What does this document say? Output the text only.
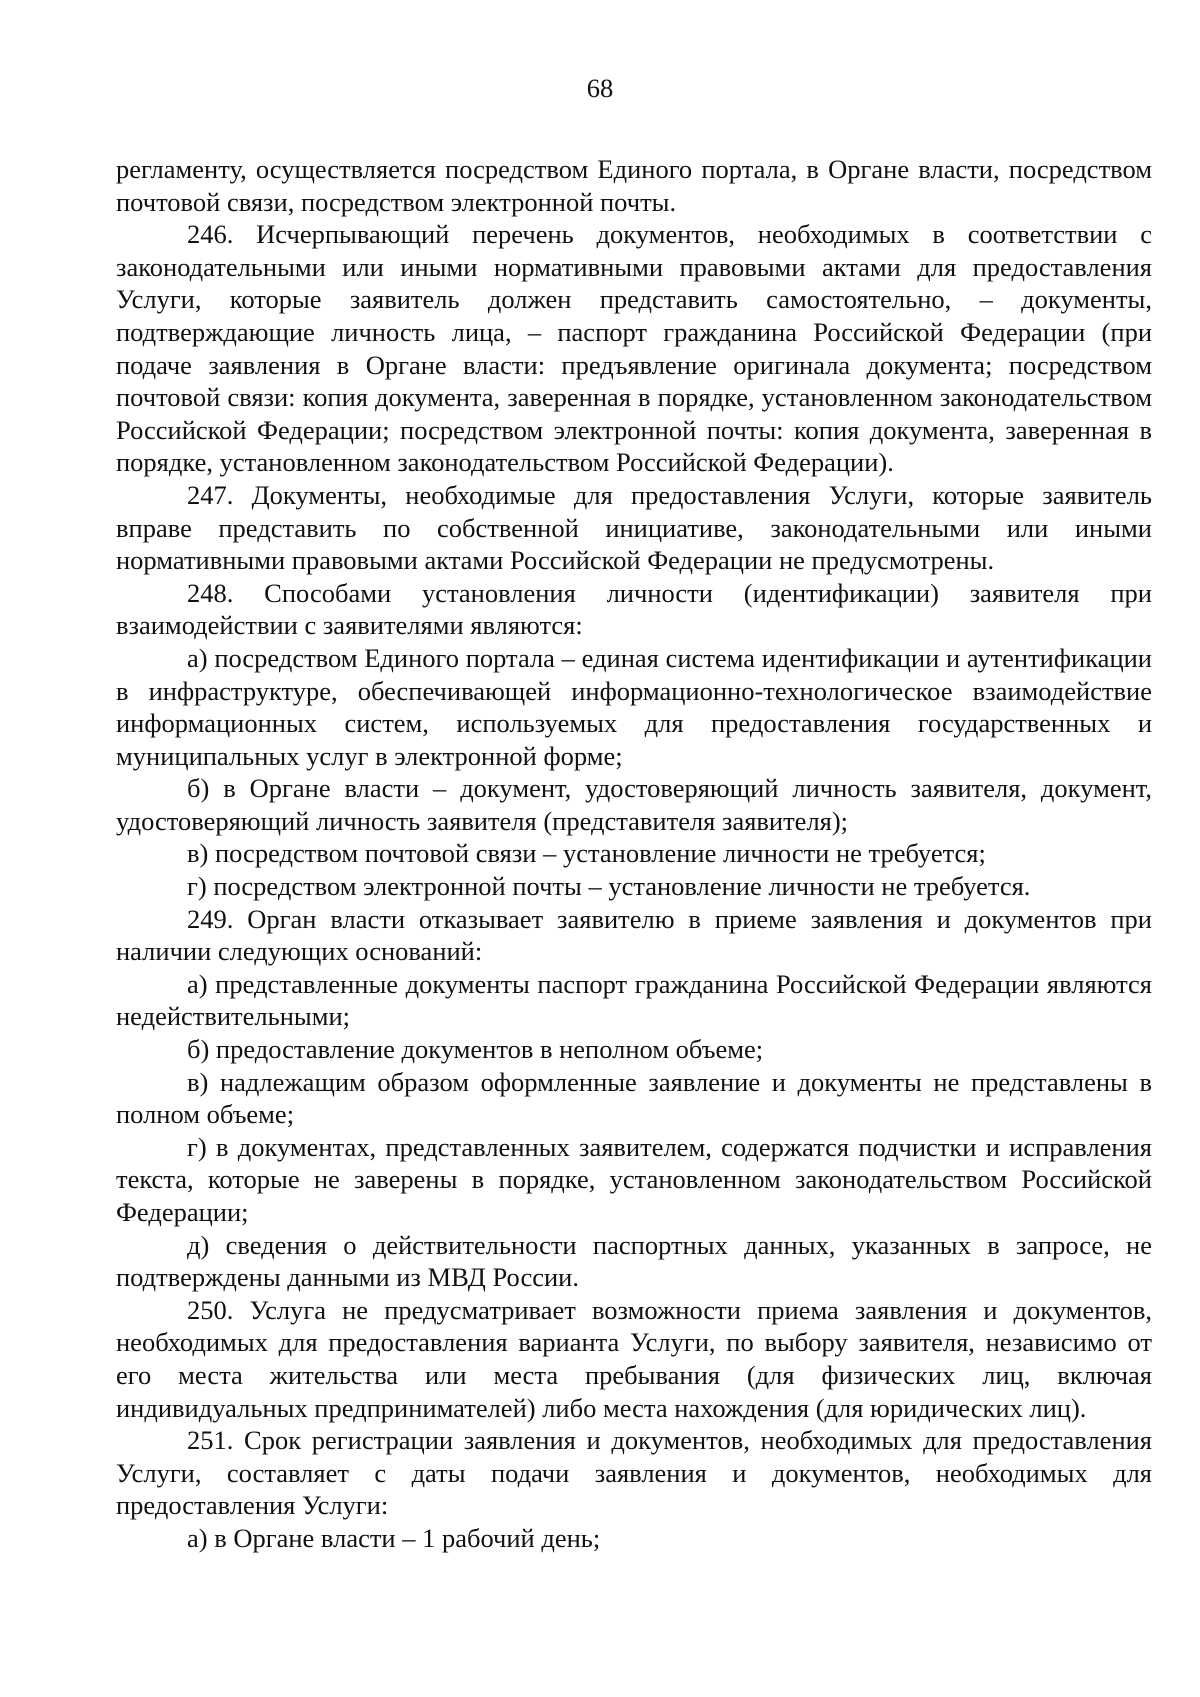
68

регламенту, осуществляется посредством Единого портала, в Органе власти, посредством почтовой связи, посредством электронной почты.

246. Исчерпывающий перечень документов, необходимых в соответствии с законодательными или иными нормативными правовыми актами для предоставления Услуги, которые заявитель должен представить самостоятельно, – документы, подтверждающие личность лица, – паспорт гражданина Российской Федерации (при подаче заявления в Органе власти: предъявление оригинала документа; посредством почтовой связи: копия документа, заверенная в порядке, установленном законодательством Российской Федерации; посредством электронной почты: копия документа, заверенная в порядке, установленном законодательством Российской Федерации).

247. Документы, необходимые для предоставления Услуги, которые заявитель вправе представить по собственной инициативе, законодательными или иными нормативными правовыми актами Российской Федерации не предусмотрены.

248. Способами установления личности (идентификации) заявителя при взаимодействии с заявителями являются:

а) посредством Единого портала – единая система идентификации и аутентификации в инфраструктуре, обеспечивающей информационно-технологическое взаимодействие информационных систем, используемых для предоставления государственных и муниципальных услуг в электронной форме;

б) в Органе власти – документ, удостоверяющий личность заявителя, документ, удостоверяющий личность заявителя (представителя заявителя);

в) посредством почтовой связи – установление личности не требуется;

г) посредством электронной почты – установление личности не требуется.

249. Орган власти отказывает заявителю в приеме заявления и документов при наличии следующих оснований:

а) представленные документы паспорт гражданина Российской Федерации являются недействительными;

б) предоставление документов в неполном объеме;

в) надлежащим образом оформленные заявление и документы не представлены в полном объеме;

г) в документах, представленных заявителем, содержатся подчистки и исправления текста, которые не заверены в порядке, установленном законодательством Российской Федерации;

д) сведения о действительности паспортных данных, указанных в запросе, не подтверждены данными из МВД России.

250. Услуга не предусматривает возможности приема заявления и документов, необходимых для предоставления варианта Услуги, по выбору заявителя, независимо от его места жительства или места пребывания (для физических лиц, включая индивидуальных предпринимателей) либо места нахождения (для юридических лиц).

251. Срок регистрации заявления и документов, необходимых для предоставления Услуги, составляет с даты подачи заявления и документов, необходимых для предоставления Услуги:

а) в Органе власти – 1 рабочий день;
